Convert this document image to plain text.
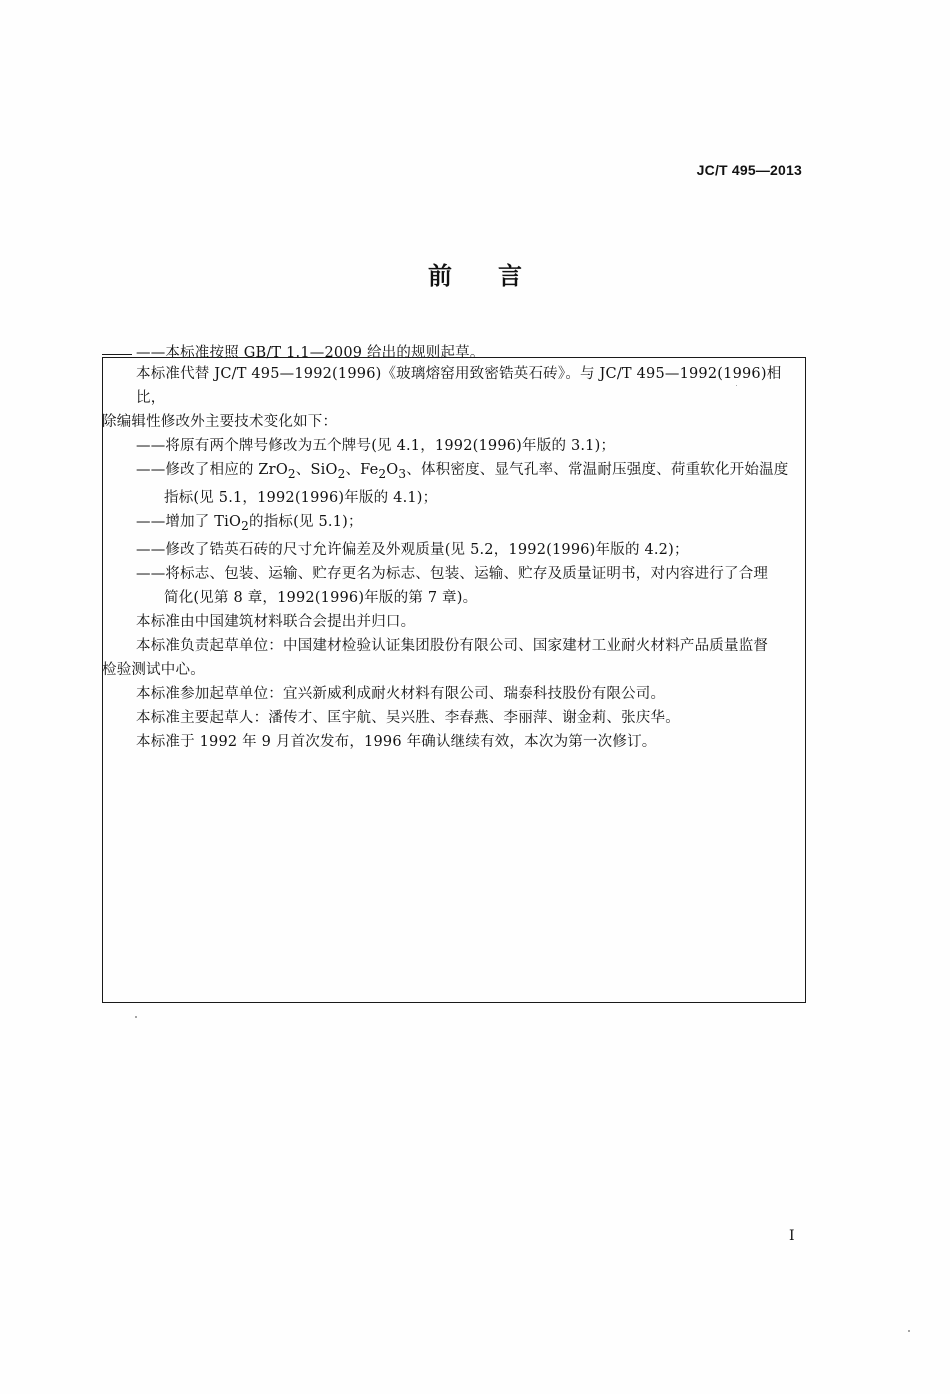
JC/T 495—2013
前言
——本标准按照 GB/T 1.1—2009 给出的规则起草。

本标准代替 JC/T 495—1992(1996)《玻璃熔窑用致密锆英石砖》。与 JC/T 495—1992(1996)相比，

除编辑性修改外主要技术变化如下：

——将原有两个牌号修改为五个牌号(见 4.1，1992(1996)年版的 3.1)；

——修改了相应的 ZrO$_2$、SiO$_2$、$Fe_2O_3$、体积密度、显气孔率、常温耐压强度、荷重软化开始温度

指标(见 5.1，1992(1996)年版的 4.1)；

——增加了 TiO$_2$的指标(见 5.1)；

——修改了锆英石砖的尺寸允许偏差及外观质量(见 5.2，1992(1996)年版的 4.2)；

——将标志、包装、运输、贮存更名为标志、包装、运输、贮存及质量证明书，对内容进行了合理

简化(见第 8 章，1992(1996)年版的第 7 章)。

本标准由中国建筑材料联合会提出并归口。

本标准负责起草单位：中国建材检验认证集团股份有限公司、国家建材工业耐火材料产品质量监督

检验测试中心。

本标准参加起草单位：宜兴新威利成耐火材料有限公司、瑞泰科技股份有限公司。

本标准主要起草人：潘传才、匡宇航、吴兴胜、李春燕、李丽萍、谢金莉、张庆华。

本标准于 1992 年 9 月首次发布，1996 年确认继续有效，本次为第一次修订。

I
